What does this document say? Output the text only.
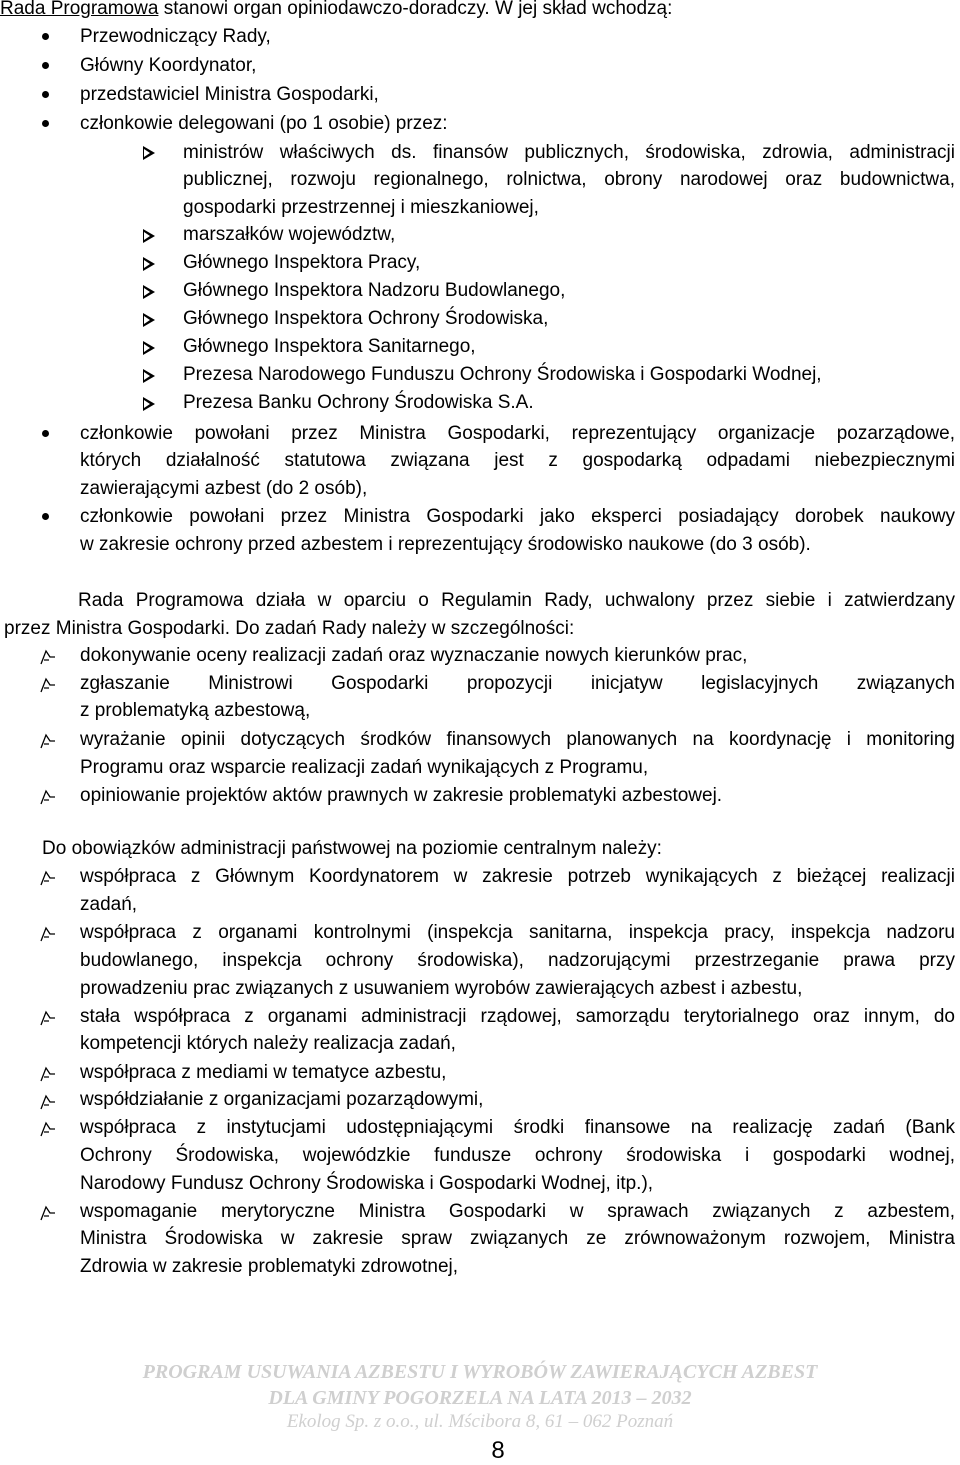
Rada Programowa stanowi organ opiniodawczo-doradczy. W jej skład wchodzą:
Przewodniczący Rady,
Główny Koordynator,
przedstawiciel Ministra Gospodarki,
członkowie delegowani (po 1 osobie) przez:
ministrów właściwych ds. finansów publicznych, środowiska, zdrowia, administracji
publicznej, rozwoju regionalnego, rolnictwa, obrony narodowej oraz budownictwa,
gospodarki przestrzennej i mieszkaniowej,
marszałków województw,
Głównego Inspektora Pracy,
Głównego Inspektora Nadzoru Budowlanego,
Głównego Inspektora Ochrony Środowiska,
Głównego Inspektora Sanitarnego,
Prezesa Narodowego Funduszu Ochrony Środowiska i Gospodarki Wodnej,
Prezesa Banku Ochrony Środowiska S.A.
członkowie powołani przez Ministra Gospodarki, reprezentujący organizacje pozarządowe,
których działalność statutowa związana jest z gospodarką odpadami niebezpiecznymi
zawierającymi azbest (do 2 osób),
członkowie powołani przez Ministra Gospodarki jako eksperci posiadający dorobek naukowy
w zakresie ochrony przed azbestem i reprezentujący środowisko naukowe (do 3 osób).
Rada Programowa działa w oparciu o Regulamin Rady, uchwalony przez siebie i zatwierdzany
przez Ministra Gospodarki. Do zadań Rady należy w szczególności:
dokonywanie oceny realizacji zadań oraz wyznaczanie nowych kierunków prac,
zgłaszanie Ministrowi Gospodarki propozycji inicjatyw legislacyjnych związanych
z problematyką azbestową,
wyrażanie opinii dotyczących środków finansowych planowanych na koordynację i monitoring
Programu oraz wsparcie realizacji zadań wynikających z Programu,
opiniowanie projektów aktów prawnych w zakresie problematyki azbestowej.
Do obowiązków administracji państwowej na poziomie centralnym należy:
współpraca z Głównym Koordynatorem w zakresie potrzeb wynikających z bieżącej realizacji
zadań,
współpraca z organami kontrolnymi (inspekcja sanitarna, inspekcja pracy, inspekcja nadzoru
budowlanego, inspekcja ochrony środowiska), nadzorującymi przestrzeganie prawa przy
prowadzeniu prac związanych z usuwaniem wyrobów zawierających azbest i azbestu,
stała współpraca z organami administracji rządowej, samorządu terytorialnego oraz innym, do
kompetencji których należy realizacja zadań,
współpraca z mediami w tematyce azbestu,
współdziałanie z organizacjami pozarządowymi,
współpraca z instytucjami udostępniającymi środki finansowe na realizację zadań (Bank
Ochrony Środowiska, wojewódzkie fundusze ochrony środowiska i gospodarki wodnej,
Narodowy Fundusz Ochrony Środowiska i Gospodarki Wodnej, itp.),
wspomaganie merytoryczne Ministra Gospodarki w sprawach związanych z azbestem,
Ministra Środowiska w zakresie spraw związanych ze zrównoważonym rozwojem, Ministra
Zdrowia w zakresie problematyki zdrowotnej,
PROGRAM USUWANIA AZBESTU I WYROBÓW ZAWIERAJĄCYCH AZBEST
DLA GMINY POGORZELA NA LATA 2013 – 2032
Ekolog Sp. z o.o., ul. Mścibora 8, 61 – 062 Poznań
8
